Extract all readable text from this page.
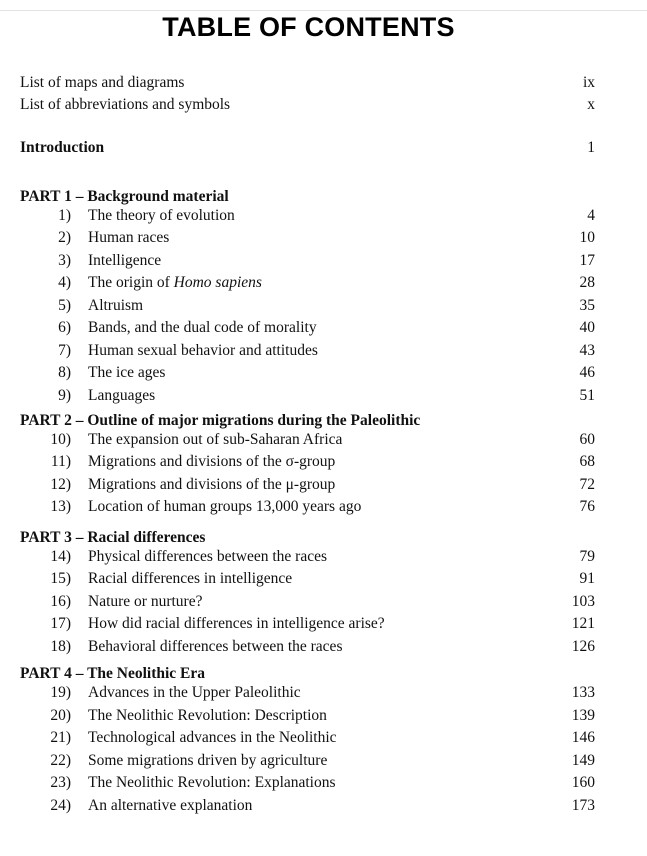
TABLE OF CONTENTS
List of maps and diagrams	ix
List of abbreviations and symbols	x
Introduction	1
PART 1 – Background material
1) The theory of evolution	4
2) Human races	10
3) Intelligence	17
4) The origin of Homo sapiens	28
5) Altruism	35
6) Bands, and the dual code of morality	40
7) Human sexual behavior and attitudes	43
8) The ice ages	46
9) Languages	51
PART 2 – Outline of major migrations during the Paleolithic
10) The expansion out of sub-Saharan Africa	60
11) Migrations and divisions of the σ-group	68
12) Migrations and divisions of the μ-group	72
13) Location of human groups 13,000 years ago	76
PART 3 – Racial differences
14) Physical differences between the races	79
15) Racial differences in intelligence	91
16) Nature or nurture?	103
17) How did racial differences in intelligence arise?	121
18) Behavioral differences between the races	126
PART 4 – The Neolithic Era
19) Advances in the Upper Paleolithic	133
20) The Neolithic Revolution: Description	139
21) Technological advances in the Neolithic	146
22) Some migrations driven by agriculture	149
23) The Neolithic Revolution: Explanations	160
24) An alternative explanation	173
